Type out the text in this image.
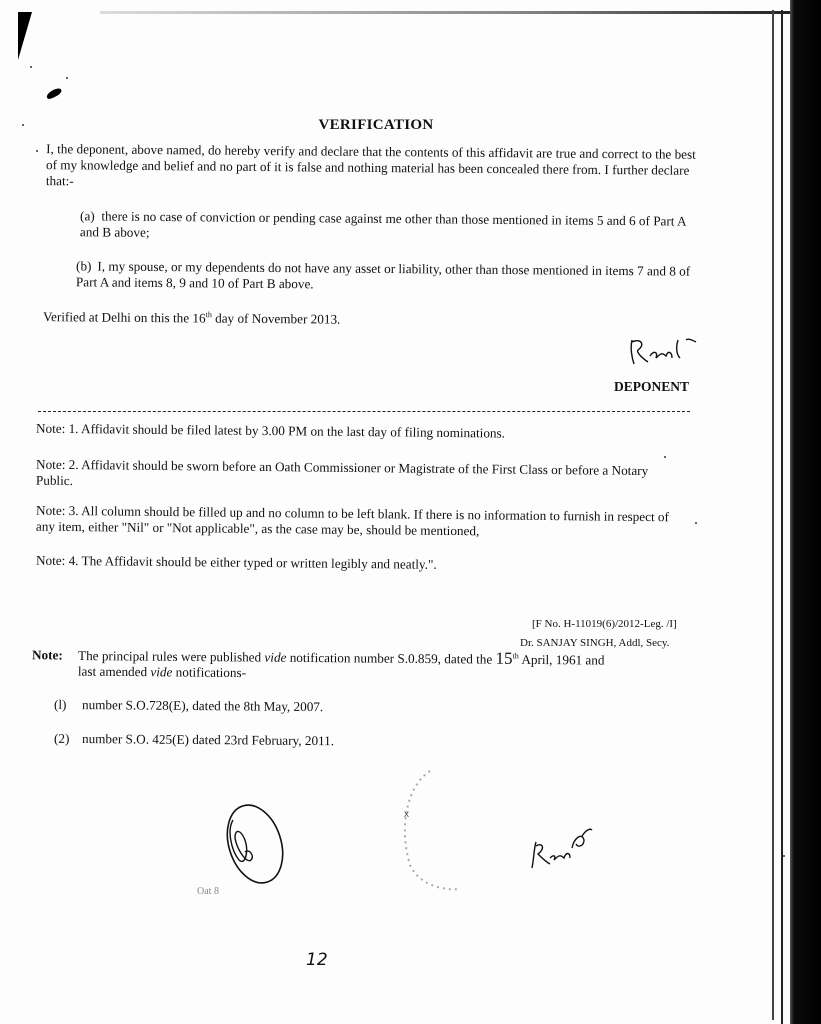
VERIFICATION
I, the deponent, above named, do hereby verify and declare that the contents of this affidavit are true and correct to the best of my knowledge and belief and no part of it is false and nothing material has been concealed there from. I further declare that:-
(a) there is no case of conviction or pending case against me other than those mentioned in items 5 and 6 of Part A and B above;
(b) I, my spouse, or my dependents do not have any asset or liability, other than those mentioned in items 7 and 8 of Part A and items 8, 9 and 10 of Part B above.
Verified at Delhi on this the 16th day of November 2013.
DEPONENT
Note: 1. Affidavit should be filed latest by 3.00 PM on the last day of filing nominations.
Note: 2. Affidavit should be sworn before an Oath Commissioner or Magistrate of the First Class or before a Notary Public.
Note: 3. All column should be filled up and no column to be left blank. If there is no information to furnish in respect of any item, either "Nil" or "Not applicable", as the case may be, should be mentioned,
Note: 4. The Affidavit should be either typed or written legibly and neatly.".
[F No. H-11019(6)/2012-Leg. /I]
Dr. SANJAY SINGH, Addl, Secy.
Note: The principal rules were published vide notification number S.0.859, dated the 15th April, 1961 and
last amended vide notifications-
(l) number S.O.728(E), dated the 8th May, 2007.
(2) number S.O. 425(E) dated 23rd February, 2011.
Oat 8
x
12
